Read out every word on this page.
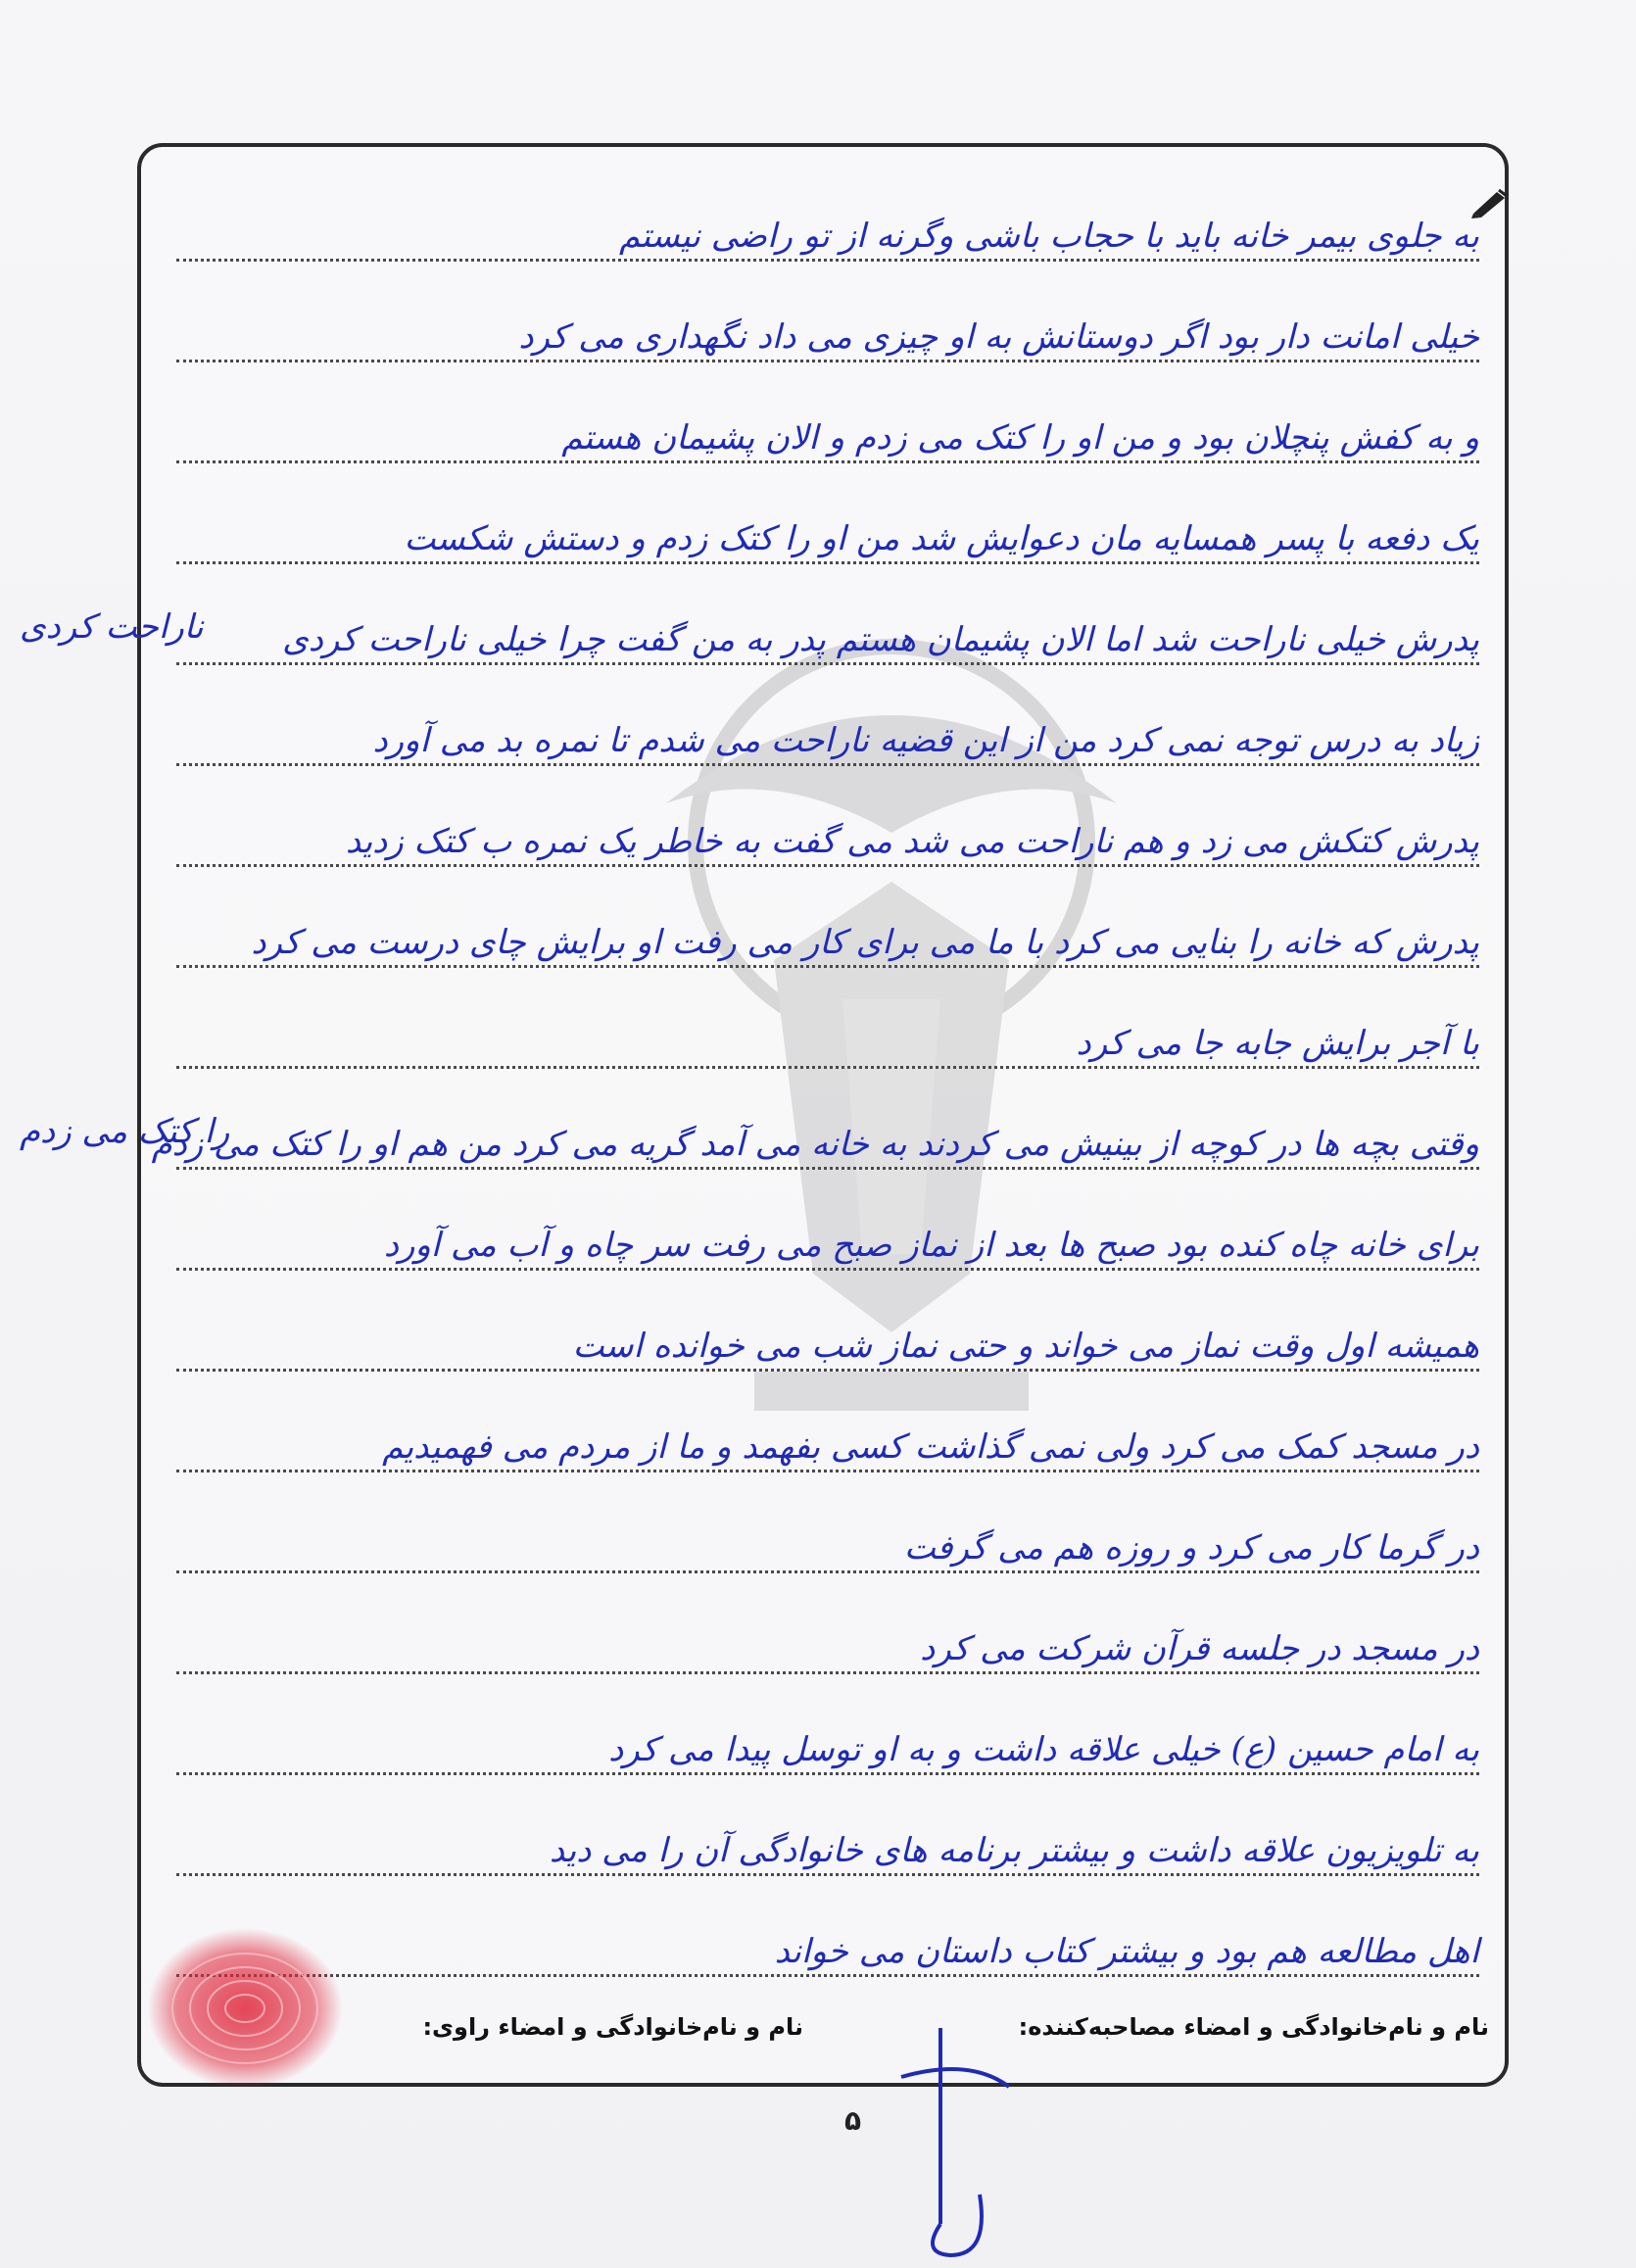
به جلوی بیمر خانه باید با حجاب باشی وگرنه از تو راضی نیستم
خیلی امانت دار بود اگر دوستانش به او چیزی می داد نگهداری می کرد
و به کفش پنچلان بود و من او را کتک می زدم و الان پشیمان هستم
یک دفعه با پسر همسایه مان دعوایش شد من او را کتک زدم و دستش شکست
پدرش خیلی ناراحت شد اما الان پشیمان هستم پدر به من گفت چرا خیلی ناراحت کردی
زیاد به درس توجه نمی کرد من از این قضیه ناراحت می شدم تا نمره بد می آورد
پدرش کتکش می زد و هم ناراحت می شد می گفت به خاطر یک نمره ب کتک زدید
پدرش که خانه را بنایی می کرد با ما می برای کار می رفت او برایش چای درست می کرد
با آجر برایش جابه جا می کرد
وقتی بچه ها در کوچه از بینیش می کردند به خانه می آمد گریه می کرد من هم او را کتک می زدم
برای خانه چاه کنده بود صبح ها بعد از نماز صبح می رفت سر چاه و آب می آورد
همیشه اول وقت نماز می خواند و حتی نماز شب می خوانده است
در مسجد کمک می کرد ولی نمی گذاشت کسی بفهمد و ما از مردم می فهمیدیم
در گرما کار می کرد و روزه هم می گرفت
در مسجد در جلسه قرآن شرکت می کرد
به امام حسین (ع) خیلی علاقه داشت و به او توسل پیدا می کرد
به تلویزیون علاقه داشت و بیشتر برنامه های خانوادگی آن را می دید
اهل مطالعه هم بود و بیشتر کتاب داستان می خواند
ناراحت کردی
را کتک می زدم
نام و نام‌خانوادگی و امضاء مصاحبه‌کننده:
نام و نام‌خانوادگی و امضاء راوی:
۵
